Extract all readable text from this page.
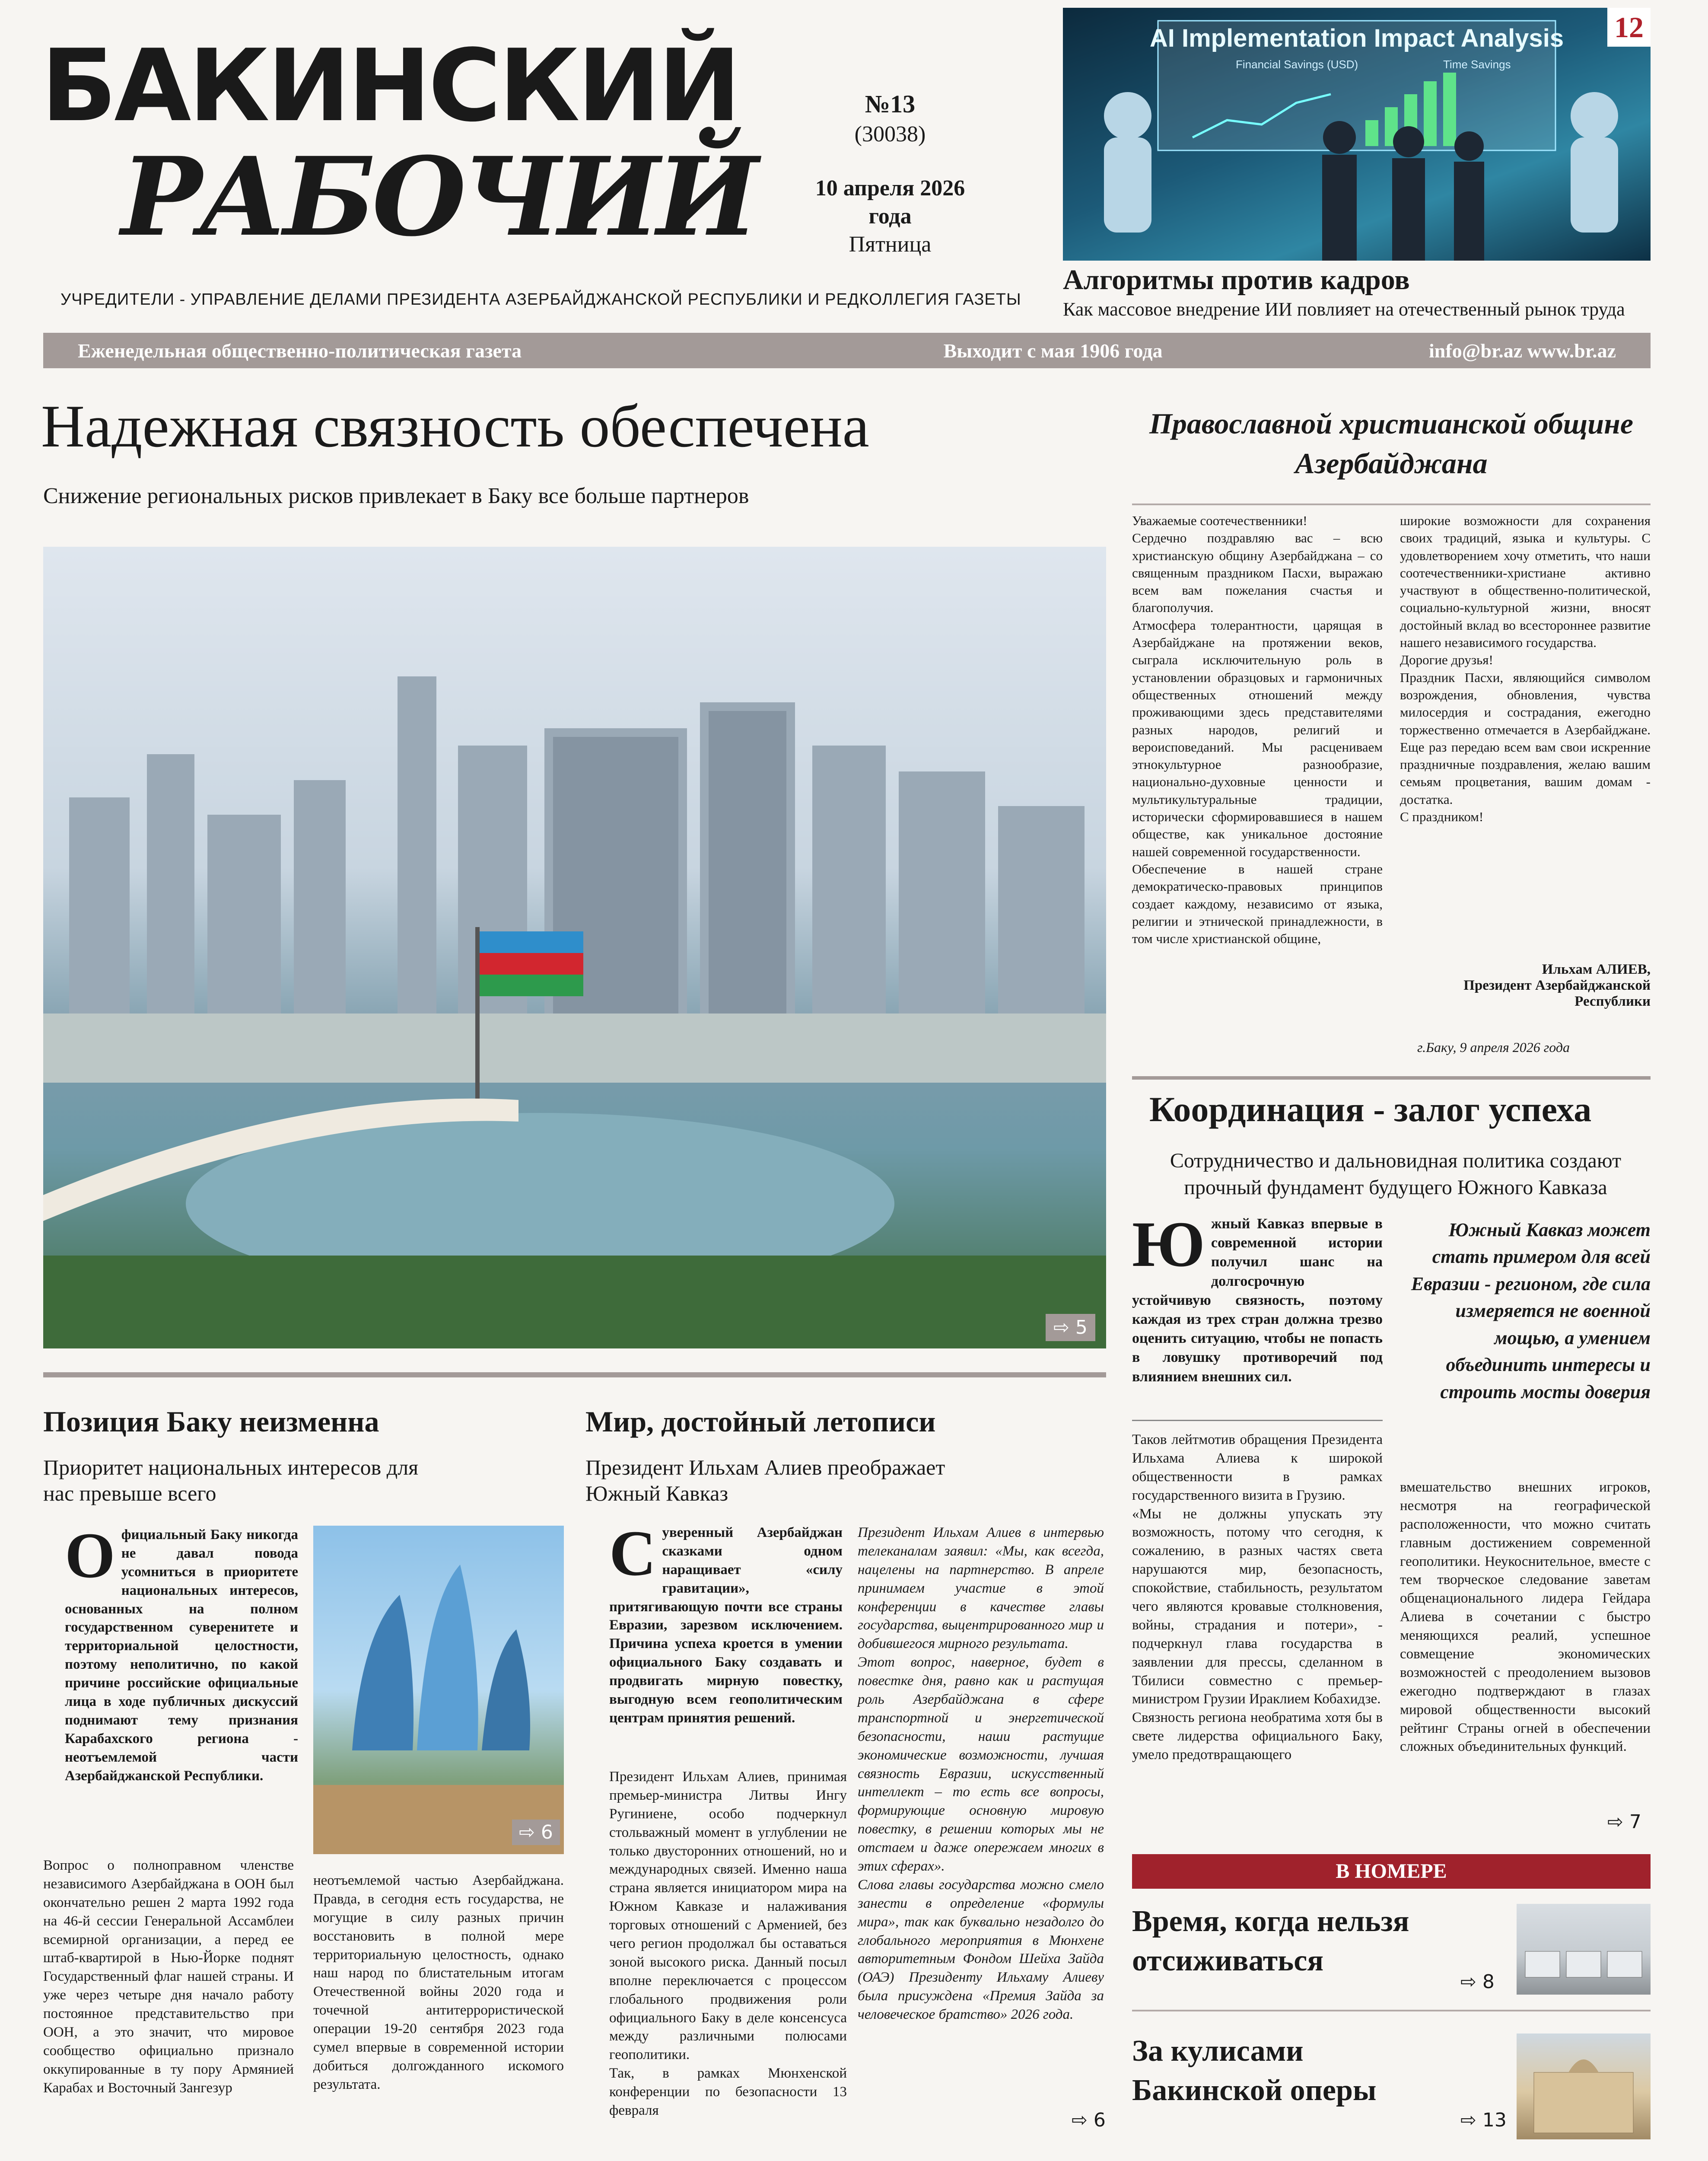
БАКИНСКИЙ
РАБОЧИЙ
№13
(30038)
10 апреля 2026 года
Пятница
УЧРЕДИТЕЛИ - УПРАВЛЕНИЕ ДЕЛАМИ ПРЕЗИДЕНТА АЗЕРБАЙДЖАНСКОЙ РЕСПУБЛИКИ И РЕДКОЛЛЕГИЯ ГАЗЕТЫ
AI Implementation Impact Analysis
Financial Savings (USD)	Time Savings
12
Алгоритмы против кадров
Как массовое внедрение ИИ повлияет на отечественный рынок труда
Еженедельная общественно-политическая газета	Выходит с мая 1906 года	info@br.az www.br.az
Надежная связность обеспечена
Снижение региональных рисков привлекает в Баку все больше партнеров
⇨ 5
Православной христианской общине Азербайджана
Уважаемые соотечественники!
Сердечно поздравляю вас – всю христианскую общину Азербайджана – со священным праздником Пасхи, выражаю всем вам пожелания счастья и благополучия.
Атмосфера толерантности, царящая в Азербайджане на протяжении веков, сыграла исключительную роль в установлении образцовых и гармоничных общественных отношений между проживающими здесь представителями разных народов, религий и вероисповеданий. Мы расцениваем этнокультурное разнообразие, национально-духовные ценности и мультикультуральные традиции, исторически сформировавшиеся в нашем обществе, как уникальное достояние нашей современной государственности.
Обеспечение в нашей стране демократическо-правовых принципов создает каждому, независимо от языка, религии и этнической принадлежности, в том числе христианской общине,
широкие возможности для сохранения своих традиций, языка и культуры. С удовлетворением хочу отметить, что наши соотечественники-христиане активно участвуют в общественно-политической, социально-культурной жизни, вносят достойный вклад во всестороннее развитие нашего независимого государства.
Дорогие друзья!
Праздник Пасхи, являющийся символом возрождения, обновления, чувства милосердия и сострадания, ежегодно торжественно отмечается в Азербайджане. Еще раз передаю всем вам свои искренние праздничные поздравления, желаю вашим семьям процветания, вашим домам - достатка.
С праздником!
Ильхам АЛИЕВ,
Президент Азербайджанской Республики
г.Баку, 9 апреля 2026 года
Координация - залог успеха
Сотрудничество и дальновидная политика создают прочный фундамент будущего Южного Кавказа
Южный Кавказ впервые в современной истории получил шанс на долгосрочную устойчивую связность, поэтому каждая из трех стран должна трезво оценить ситуацию, чтобы не попасть в ловушку противоречий под влиянием внешних сил.
Южный Кавказ может стать примером для всей Евразии - регионом, где сила измеряется не военной мощью, а умением объединить интересы и строить мосты доверия
Таков лейтмотив обращения Президента Ильхама Алиева к широкой общественности в рамках государственного визита в Грузию.
«Мы не должны упускать эту возможность, потому что сегодня, к сожалению, в разных частях света нарушаются мир, безопасность, спокойствие, стабильность, результатом чего являются кровавые столкновения, войны, страдания и потери», - подчеркнул глава государства в заявлении для прессы, сделанном в Тбилиси совместно с премьер-министром Грузии Ираклием Кобахидзе.
Связность региона необратима хотя бы в свете лидерства официального Баку, умело предотвращающего
вмешательство внешних игроков, несмотря на географической расположенности, что можно считать главным достижением современной геополитики. Неукоснительное, вместе с тем творческое следование заветам общенационального лидера Гейдара Алиева в сочетании с быстро меняющихся реалий, успешное совмещение экономических возможностей с преодолением вызовов ежегодно подтверждают в глазах мировой общественности высокий рейтинг Страны огней в обеспечении сложных объединительных функций.
⇨ 7
В НОМЕРЕ
Время, когда нельзя отсиживаться
⇨ 8
За кулисами Бакинской оперы
⇨ 13
Позиция Баку неизменна
Приоритет национальных интересов для нас превыше всего
Официальный Баку никогда не давал повода усомниться в приоритете национальных интересов, основанных на полном государственном суверенитете и территориальной целостности, поэтому неполитично, по какой причине российские официальные лица в ходе публичных дискуссий поднимают тему признания Карабахского региона - неотъемлемой части Азербайджанской Республики.
⇨ 6
Вопрос о полноправном членстве независимого Азербайджана в ООН был окончательно решен 2 марта 1992 года на 46-й сессии Генеральной Ассамблеи всемирной организации, а перед ее штаб-квартирой в Нью-Йорке поднят Государственный флаг нашей страны. И уже через четыре дня начало работу постоянное представительство при ООН, а это значит, что мировое сообщество официально признало оккупированные в ту пору Армянией Карабах и Восточный Зангезур
неотъемлемой частью Азербайджана. Правда, в сегодня есть государства, не могущие в силу разных причин восстановить в полной мере территориальную целостность, однако наш народ по блистательным итогам Отечественной войны 2020 года и точечной антитеррористической операции 19-20 сентября 2023 года сумел впервые в современной истории добиться долгожданного искомого результата.
Мир, достойный летописи
Президент Ильхам Алиев преображает Южный Кавказ
Суверенный Азербайджан сказками одном наращивает «силу гравитации», притягивающую почти все страны Евразии, зарезвом исключением. Причина успеха кроется в умении официального Баку создавать и продвигать мирную повестку, выгодную всем геополитическим центрам принятия решений.
Президент Ильхам Алиев, принимая премьер-министра Литвы Ингу Ругиниене, особо подчеркнул стольважный момент в углублении не только двусторонних отношений, но и международных связей. Именно наша страна является инициатором мира на Южном Кавказе и налаживания торговых отношений с Арменией, без чего регион продолжал бы оставаться зоной высокого риска. Данный посыл вполне переключается с процессом глобального продвижения роли официального Баку в деле консенсуса между различными полюсами геополитики.
Так, в рамках Мюнхенской конференции по безопасности 13 февраля
Президент Ильхам Алиев в интервью телеканалам заявил: «Мы, как всегда, нацелены на партнерство. В апреле принимаем участие в этой конференции в качестве главы государства, выцентрированного мир и добившегося мирного результата.
Этот вопрос, наверное, будет в повестке дня, равно как и растущая роль Азербайджана в сфере транспортной и энергетической безопасности, наши растущие экономические возможности, лучшая связность Евразии, искусственный интеллект – то есть все вопросы, формирующие основную мировую повестку, в решении которых мы не отстаем и даже опережаем многих в этих сферах».
Слова главы государства можно смело занести в определение «формулы мира», так как буквально незадолго до глобального мероприятия в Мюнхене авторитетным Фондом Шейха Зайда (ОАЭ) Президенту Ильхаму Алиеву была присуждена «Премия Зайда за человеческое братство» 2026 года.
⇨ 6
